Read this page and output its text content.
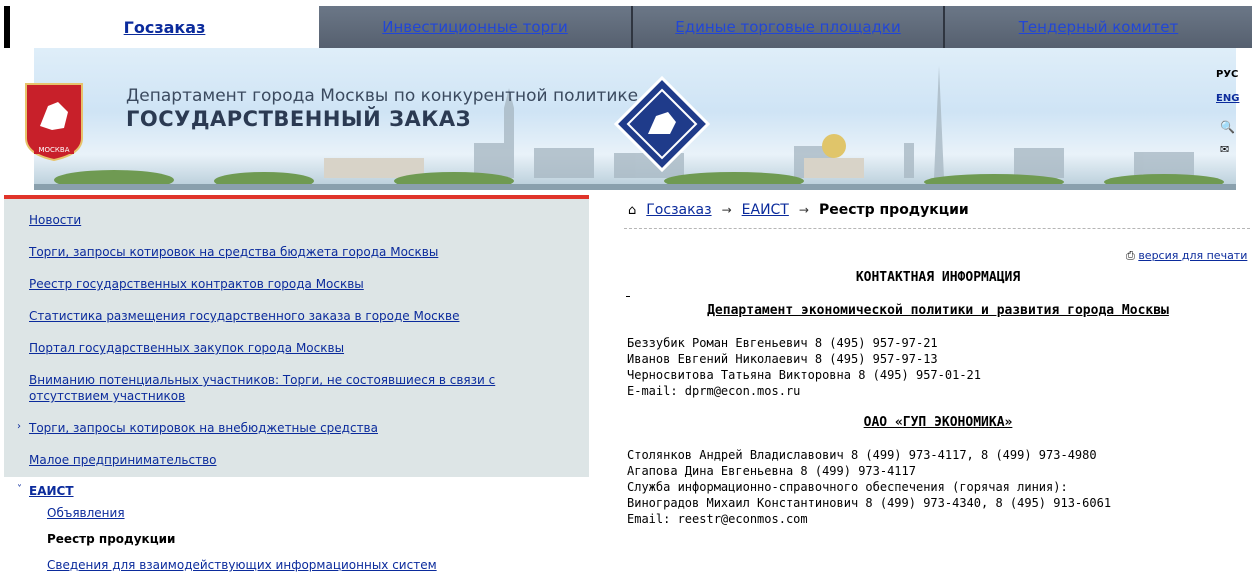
Госзаказ	Инвестиционные торги	Единые торговые площадки	Тендерный комитет
МОСКВА
Департамент города Москвы по конкурентной политике
ГОСУДАРСТВЕННЫЙ ЗАКАЗ
РУС
ENG
🔍
✉
Новости
Торги, запросы котировок на средства бюджета города Москвы
Реестр государственных контрактов города Москвы
Статистика размещения государственного заказа в городе Москве
Портал государственных закупок города Москвы
Вниманию потенциальных участников: Торги, не состоявшиеся в связи с отсутствием участников
› Торги, запросы котировок на внебюджетные средства
Малое предпринимательство
˅ ЕАИСТ
Объявления
Реестр продукции
Сведения для взаимодействующих информационных систем
⌂ Госзаказ → ЕАИСТ → Реестр продукции
⎙ версия для печати
КОНТАКТНАЯ ИНФОРМАЦИЯ
Департамент экономической политики и развития города Москвы
Беззубик Роман Евгеньевич 8 (495) 957-97-21
Иванов Евгений Николаевич 8 (495) 957-97-13
Черносвитова Татьяна Викторовна 8 (495) 957-01-21
E-mail: dprm@econ.mos.ru
ОАО «ГУП ЭКОНОМИКА»
Столянков Андрей Владиславович 8 (499) 973-4117, 8 (499) 973-4980
Агапова Дина Евгеньевна 8 (499) 973-4117
Служба информационно-справочного обеспечения (горячая линия):
Виноградов Михаил Константинович 8 (499) 973-4340, 8 (495) 913-6061
Email: reestr@econmos.com
